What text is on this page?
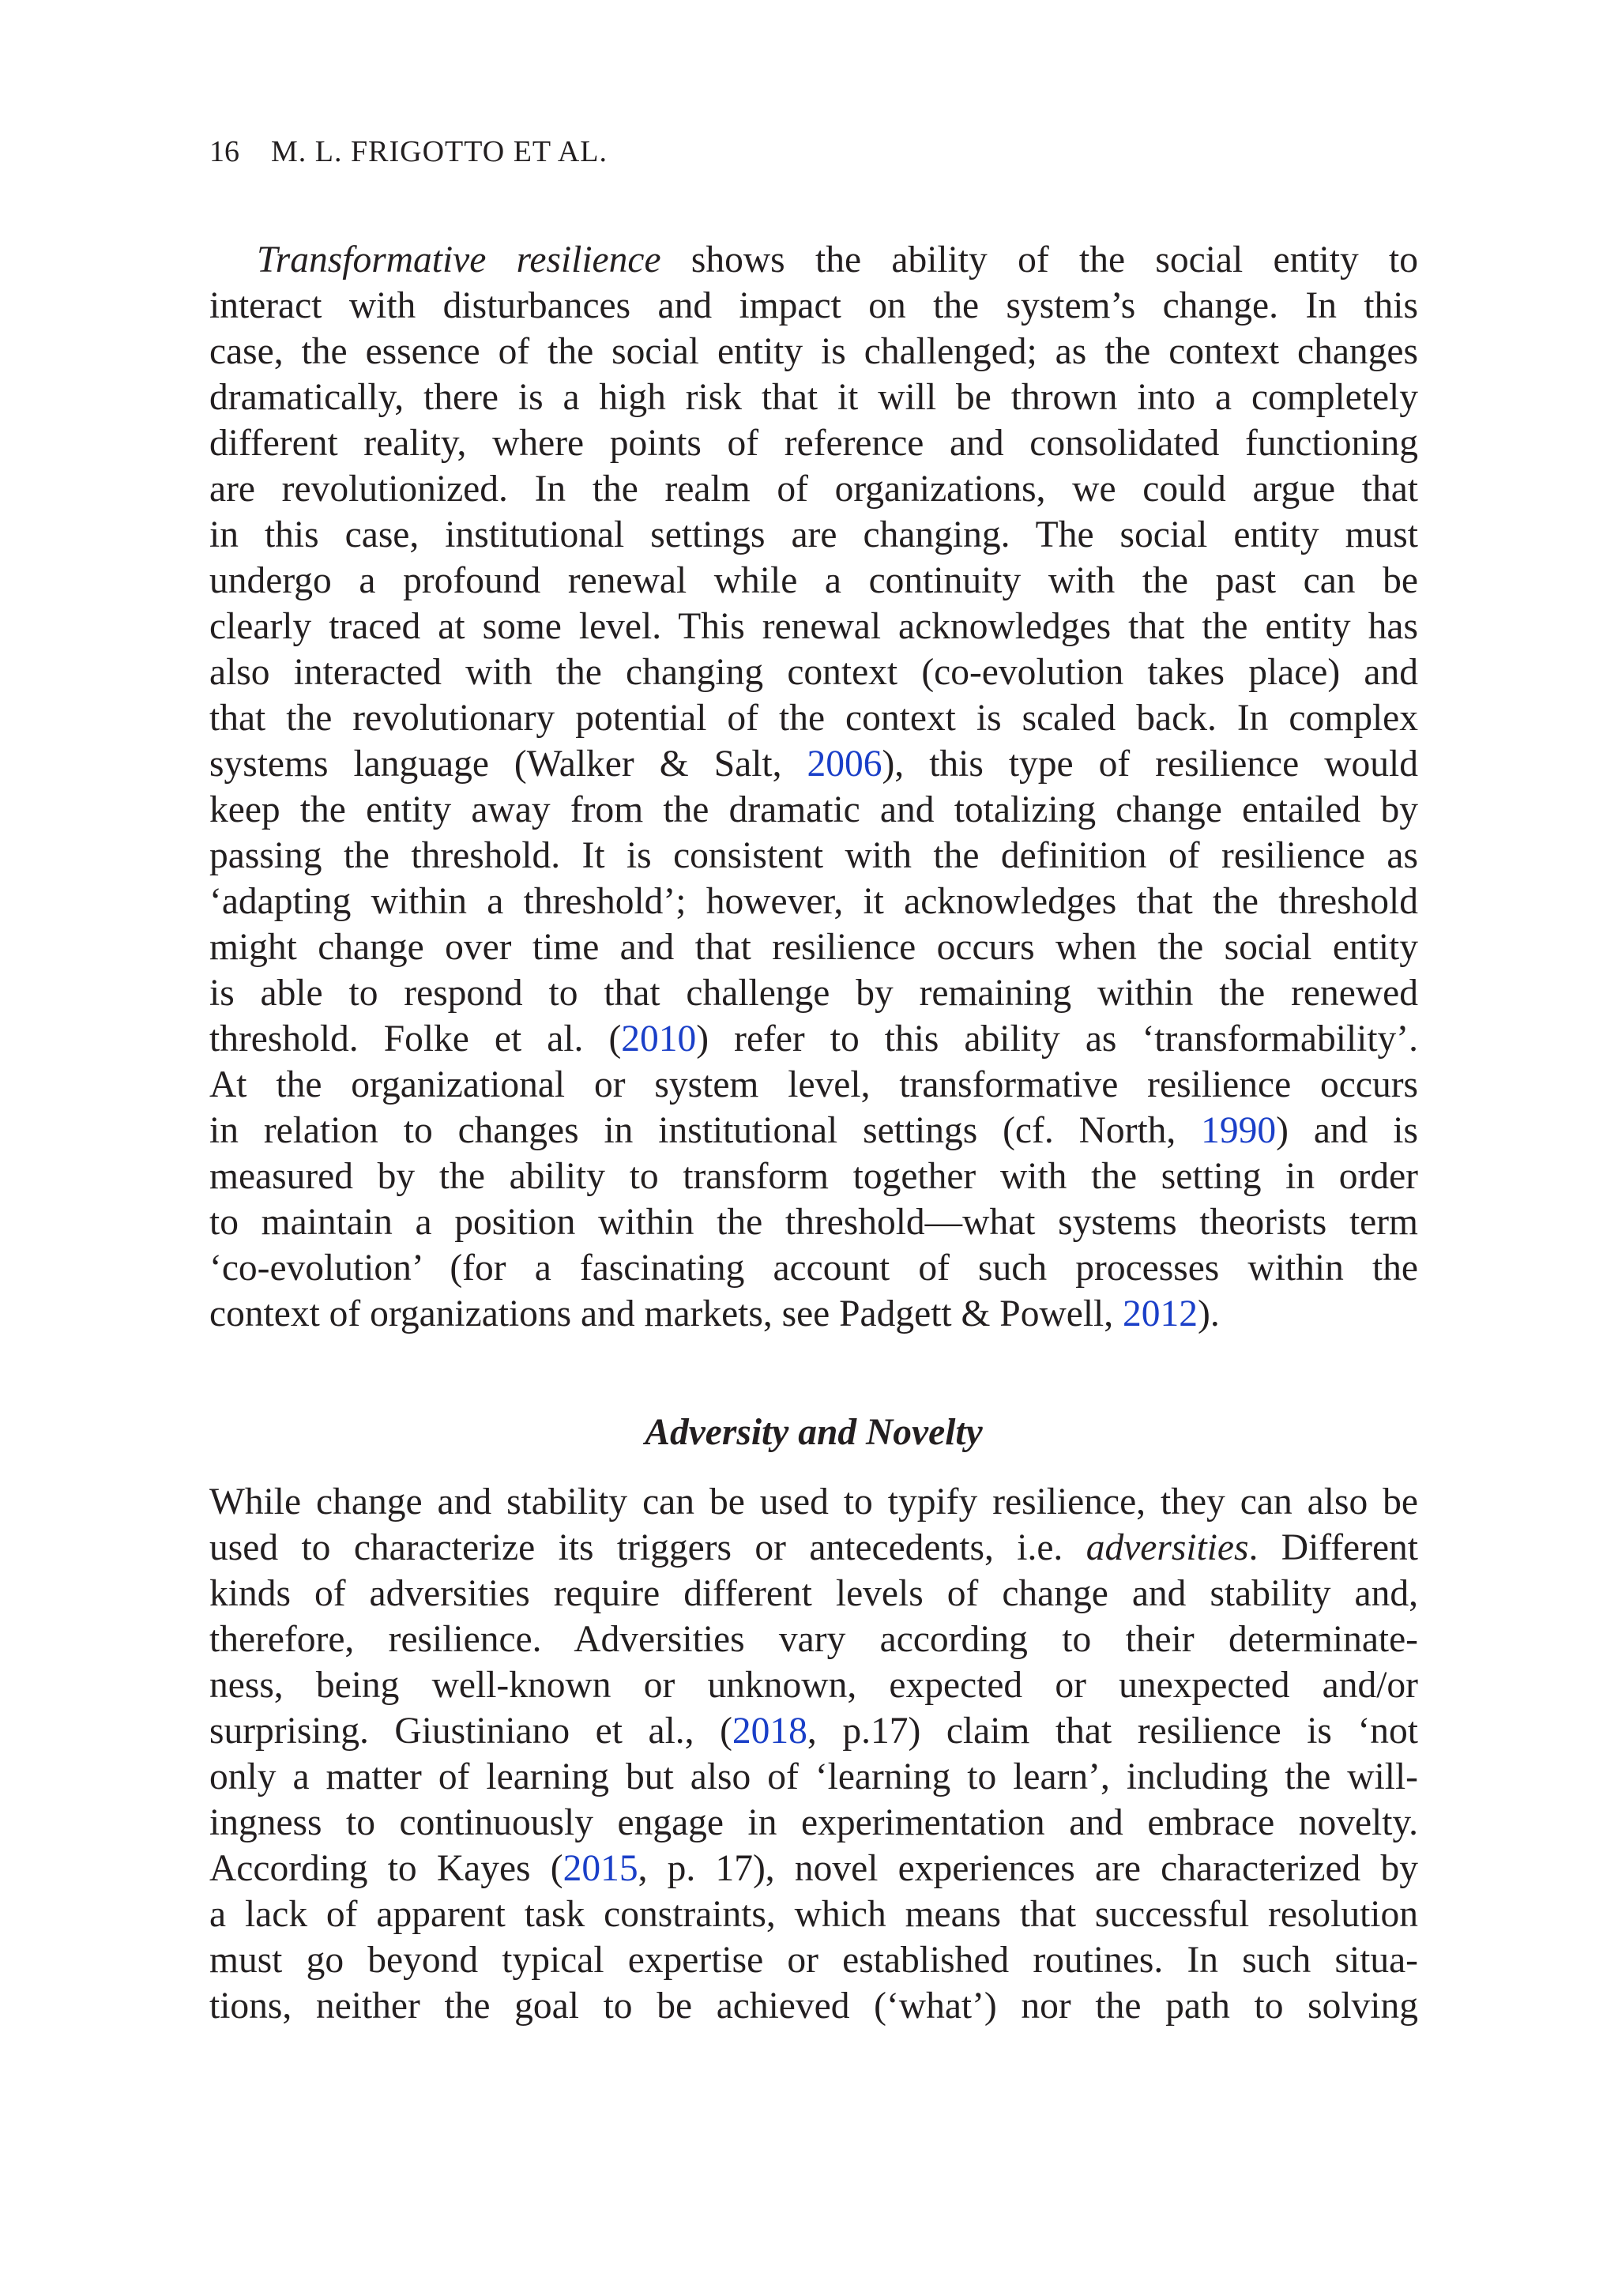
16 M. L. FRIGOTTO ET AL.
Transformative resilience shows the ability of the social entity to
interact with disturbances and impact on the system’s change. In this
case, the essence of the social entity is challenged; as the context changes
dramatically, there is a high risk that it will be thrown into a completely
different reality, where points of reference and consolidated functioning
are revolutionized. In the realm of organizations, we could argue that
in this case, institutional settings are changing. The social entity must
undergo a profound renewal while a continuity with the past can be
clearly traced at some level. This renewal acknowledges that the entity has
also interacted with the changing context (co-evolution takes place) and
that the revolutionary potential of the context is scaled back. In complex
systems language (Walker & Salt, 2006), this type of resilience would
keep the entity away from the dramatic and totalizing change entailed by
passing the threshold. It is consistent with the definition of resilience as
‘adapting within a threshold’; however, it acknowledges that the threshold
might change over time and that resilience occurs when the social entity
is able to respond to that challenge by remaining within the renewed
threshold. Folke et al. (2010) refer to this ability as ‘transformability’.
At the organizational or system level, transformative resilience occurs
in relation to changes in institutional settings (cf. North, 1990) and is
measured by the ability to transform together with the setting in order
to maintain a position within the threshold—what systems theorists term
‘co-evolution’ (for a fascinating account of such processes within the
context of organizations and markets, see Padgett & Powell, 2012).
Adversity and Novelty
While change and stability can be used to typify resilience, they can also be
used to characterize its triggers or antecedents, i.e. adversities. Different
kinds of adversities require different levels of change and stability and,
therefore, resilience. Adversities vary according to their determinate-
ness, being well-known or unknown, expected or unexpected and/or
surprising. Giustiniano et al., (2018, p.17) claim that resilience is ‘not
only a matter of learning but also of ‘learning to learn’, including the will-
ingness to continuously engage in experimentation and embrace novelty.
According to Kayes (2015, p. 17), novel experiences are characterized by
a lack of apparent task constraints, which means that successful resolution
must go beyond typical expertise or established routines. In such situa-
tions, neither the goal to be achieved (‘what’) nor the path to solving
